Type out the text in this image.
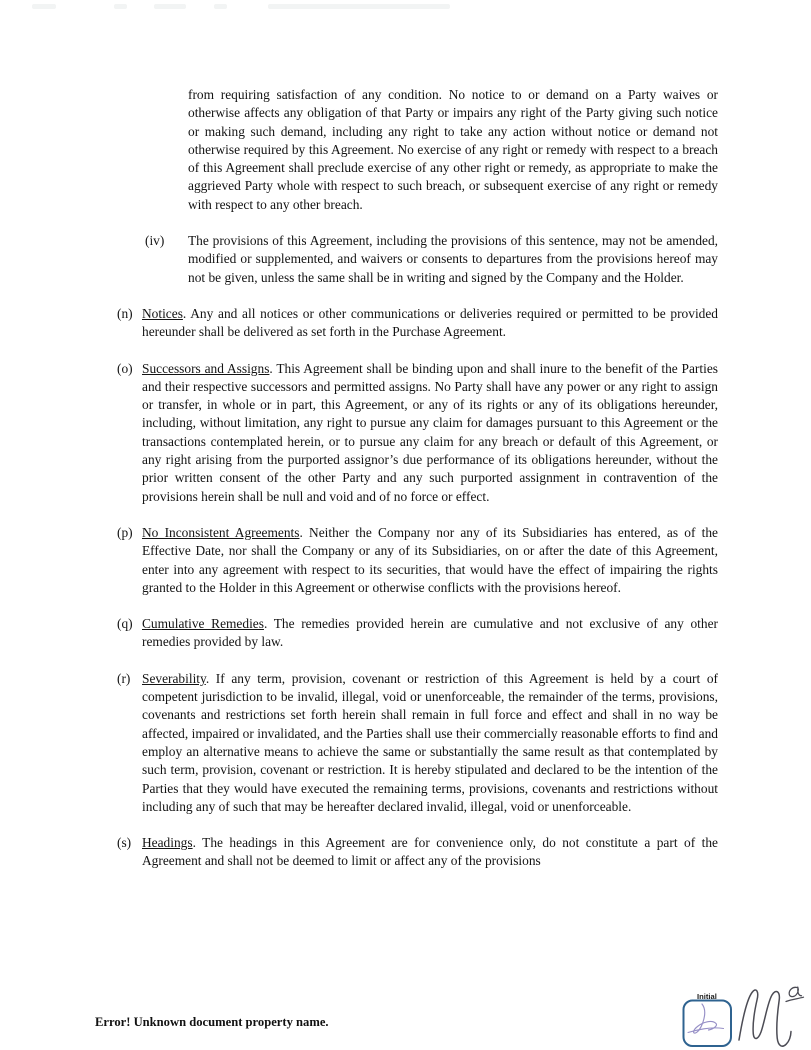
from requiring satisfaction of any condition. No notice to or demand on a Party waives or otherwise affects any obligation of that Party or impairs any right of the Party giving such notice or making such demand, including any right to take any action without notice or demand not otherwise required by this Agreement. No exercise of any right or remedy with respect to a breach of this Agreement shall preclude exercise of any other right or remedy, as appropriate to make the aggrieved Party whole with respect to such breach, or subsequent exercise of any right or remedy with respect to any other breach.
(iv) The provisions of this Agreement, including the provisions of this sentence, may not be amended, modified or supplemented, and waivers or consents to departures from the provisions hereof may not be given, unless the same shall be in writing and signed by the Company and the Holder.
(n) Notices. Any and all notices or other communications or deliveries required or permitted to be provided hereunder shall be delivered as set forth in the Purchase Agreement.
(o) Successors and Assigns. This Agreement shall be binding upon and shall inure to the benefit of the Parties and their respective successors and permitted assigns. No Party shall have any power or any right to assign or transfer, in whole or in part, this Agreement, or any of its rights or any of its obligations hereunder, including, without limitation, any right to pursue any claim for damages pursuant to this Agreement or the transactions contemplated herein, or to pursue any claim for any breach or default of this Agreement, or any right arising from the purported assignor’s due performance of its obligations hereunder, without the prior written consent of the other Party and any such purported assignment in contravention of the provisions herein shall be null and void and of no force or effect.
(p) No Inconsistent Agreements. Neither the Company nor any of its Subsidiaries has entered, as of the Effective Date, nor shall the Company or any of its Subsidiaries, on or after the date of this Agreement, enter into any agreement with respect to its securities, that would have the effect of impairing the rights granted to the Holder in this Agreement or otherwise conflicts with the provisions hereof.
(q) Cumulative Remedies. The remedies provided herein are cumulative and not exclusive of any other remedies provided by law.
(r) Severability. If any term, provision, covenant or restriction of this Agreement is held by a court of competent jurisdiction to be invalid, illegal, void or unenforceable, the remainder of the terms, provisions, covenants and restrictions set forth herein shall remain in full force and effect and shall in no way be affected, impaired or invalidated, and the Parties shall use their commercially reasonable efforts to find and employ an alternative means to achieve the same or substantially the same result as that contemplated by such term, provision, covenant or restriction. It is hereby stipulated and declared to be the intention of the Parties that they would have executed the remaining terms, provisions, covenants and restrictions without including any of such that may be hereafter declared invalid, illegal, void or unenforceable.
(s) Headings. The headings in this Agreement are for convenience only, do not constitute a part of the Agreement and shall not be deemed to limit or affect any of the provisions
Error! Unknown document property name.
Initial
